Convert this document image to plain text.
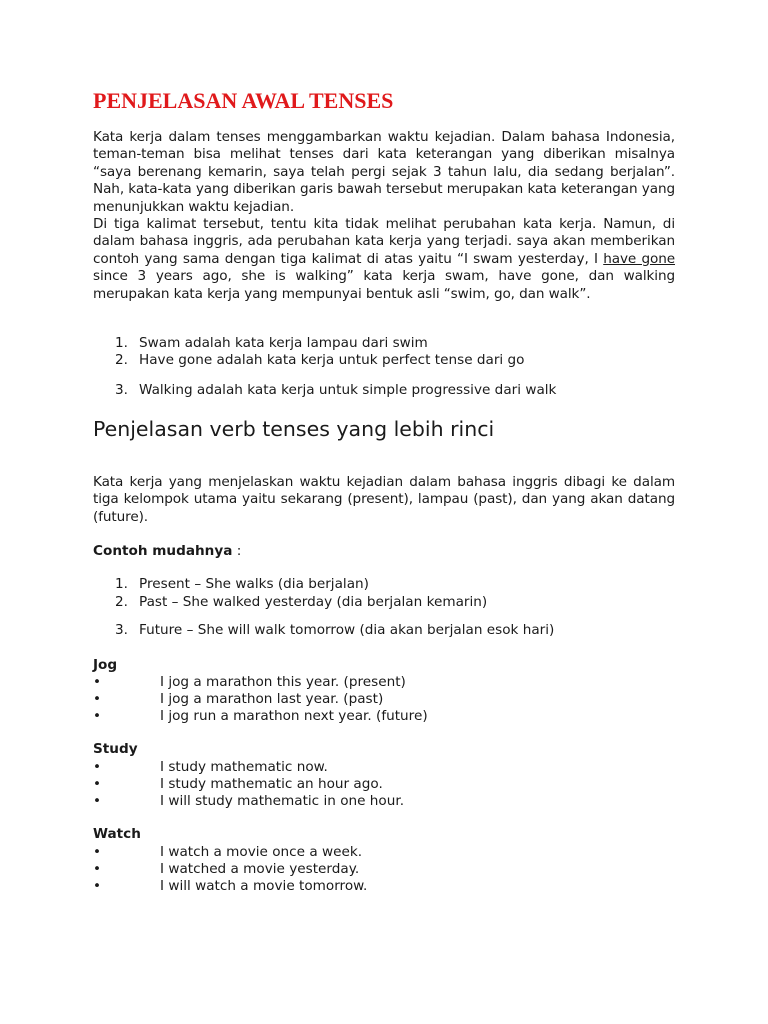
PENJELASAN AWAL TENSES

Kata kerja dalam tenses menggambarkan waktu kejadian. Dalam bahasa Indonesia, teman-teman bisa melihat tenses dari kata keterangan yang diberikan misalnya “saya berenang kemarin, saya telah pergi sejak 3 tahun lalu, dia sedang berjalan”. Nah, kata-kata yang diberikan garis bawah tersebut merupakan kata keterangan yang menunjukkan waktu kejadian.

Di tiga kalimat tersebut, tentu kita tidak melihat perubahan kata kerja. Namun, di dalam bahasa inggris, ada perubahan kata kerja yang terjadi. saya akan memberikan contoh yang sama dengan tiga kalimat di atas yaitu “I swam yesterday, I have gone since 3 years ago, she is walking” kata kerja swam, have gone, dan walking merupakan kata kerja yang mempunyai bentuk asli “swim, go, dan walk”.

1. Swam adalah kata kerja lampau dari swim
2. Have gone adalah kata kerja untuk perfect tense dari go
3. Walking adalah kata kerja untuk simple progressive dari walk
Penjelasan verb tenses yang lebih rinci

Kata kerja yang menjelaskan waktu kejadian dalam bahasa inggris dibagi ke dalam tiga kelompok utama yaitu sekarang (present), lampau (past), dan yang akan datang (future).

Contoh mudahnya :

1. Present – She walks (dia berjalan)
2. Past – She walked yesterday (dia berjalan kemarin)
3. Future – She will walk tomorrow (dia akan berjalan esok hari)

Jog

•	I jog a marathon this year. (present)
•	I jog a marathon last year. (past)
•	I jog run a marathon next year. (future)

Study

•	I study mathematic now.
•	I study mathematic an hour ago.
•	I will study mathematic in one hour.

Watch

•	I watch a movie once a week.
•	I watched a movie yesterday.
•	I will watch a movie tomorrow.
